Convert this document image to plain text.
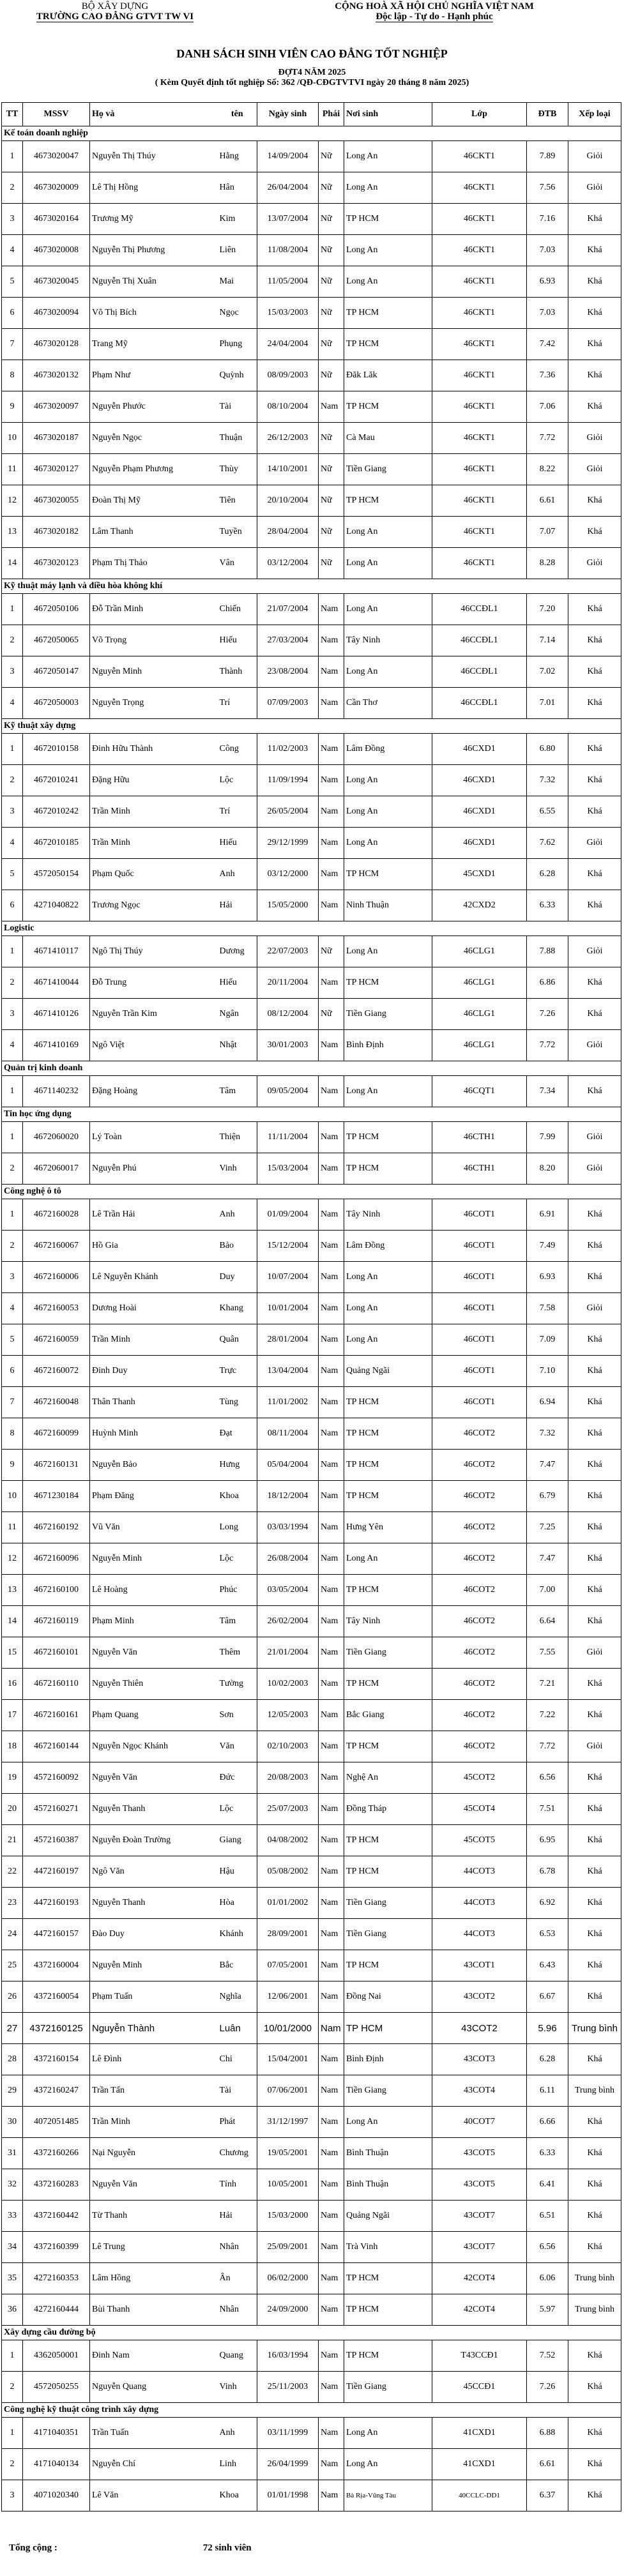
BỘ XÂY DỰNG
TRƯỜNG CAO ĐẲNG GTVT TW VI
CỘNG HOÀ XÃ HỘI CHỦ NGHĨA VIỆT NAM
Độc lập - Tự do - Hạnh phúc
DANH SÁCH SINH VIÊN CAO ĐẲNG TỐT NGHIỆP
ĐỢT4 NĂM 2025
( Kèm Quyết định tốt nghiệp Số: 362 /QĐ-CĐGTVTVI ngày 20 tháng 8 năm 2025)
TT	MSSV	Họ và	tên	Ngày sinh	Phái	Nơi sinh	Lớp	ĐTB	Xếp loại
Kế toán doanh nghiệp									
1	4673020047	Nguyễn Thị Thúy	Hằng	14/09/2004	Nữ	Long An	46CKT1	7.89	Giỏi
2	4673020009	Lê Thị Hồng	Hân	26/04/2004	Nữ	Long An	46CKT1	7.56	Giỏi
3	4673020164	Trương Mỹ	Kim	13/07/2004	Nữ	TP HCM	46CKT1	7.16	Khá
4	4673020008	Nguyễn Thị Phương	Liên	11/08/2004	Nữ	Long An	46CKT1	7.03	Khá
5	4673020045	Nguyễn Thị Xuân	Mai	11/05/2004	Nữ	Long An	46CKT1	6.93	Khá
6	4673020094	Võ Thị Bích	Ngọc	15/03/2003	Nữ	TP HCM	46CKT1	7.03	Khá
7	4673020128	Trang Mỹ	Phụng	24/04/2004	Nữ	TP HCM	46CKT1	7.42	Khá
8	4673020132	Phạm Như	Quỳnh	08/09/2003	Nữ	Đăk Lăk	46CKT1	7.36	Khá
9	4673020097	Nguyễn Phước	Tài	08/10/2004	Nam	TP HCM	46CKT1	7.06	Khá
10	4673020187	Nguyễn Ngọc	Thuận	26/12/2003	Nữ	Cà Mau	46CKT1	7.72	Giỏi
11	4673020127	Nguyễn Phạm Phương	Thùy	14/10/2001	Nữ	Tiền Giang	46CKT1	8.22	Giỏi
12	4673020055	Đoàn Thị Mỹ	Tiên	20/10/2004	Nữ	TP HCM	46CKT1	6.61	Khá
13	4673020182	Lâm Thanh	Tuyền	28/04/2004	Nữ	Long An	46CKT1	7.07	Khá
14	4673020123	Phạm Thị Thảo	Vân	03/12/2004	Nữ	Long An	46CKT1	8.28	Giỏi
Kỹ thuật máy lạnh và điều hòa không khí									
1	4672050106	Đỗ Trần Minh	Chiến	21/07/2004	Nam	Long An	46CCĐL1	7.20	Khá
2	4672050065	Võ Trọng	Hiếu	27/03/2004	Nam	Tây Ninh	46CCĐL1	7.14	Khá
3	4672050147	Nguyễn Minh	Thành	23/08/2004	Nam	Long An	46CCĐL1	7.02	Khá
4	4672050003	Nguyễn Trọng	Trí	07/09/2003	Nam	Cần Thơ	46CCĐL1	7.01	Khá
Kỹ thuật xây dựng									
1	4672010158	Đinh Hữu Thành	Công	11/02/2003	Nam	Lâm Đồng	46CXD1	6.80	Khá
2	4672010241	Đặng Hữu	Lộc	11/09/1994	Nam	Long An	46CXD1	7.32	Khá
3	4672010242	Trần Minh	Trí	26/05/2004	Nam	Long An	46CXD1	6.55	Khá
4	4672010185	Trần Minh	Hiếu	29/12/1999	Nam	Long An	46CXD1	7.62	Giỏi
5	4572050154	Phạm Quốc	Anh	03/12/2000	Nam	TP HCM	45CXD1	6.28	Khá
6	4271040822	Trương Ngọc	Hải	15/05/2000	Nam	Ninh Thuận	42CXD2	6.33	Khá
Logistic									
1	4671410117	Ngô Thị Thúy	Dương	22/07/2003	Nữ	Long An	46CLG1	7.88	Giỏi
2	4671410044	Đỗ Trung	Hiếu	20/11/2004	Nam	TP HCM	46CLG1	6.86	Khá
3	4671410126	Nguyễn Trần Kim	Ngân	08/12/2004	Nữ	Tiền Giang	46CLG1	7.26	Khá
4	4671410169	Ngô Việt	Nhật	30/01/2003	Nam	Bình Định	46CLG1	7.72	Giỏi
Quản trị kinh doanh									
1	4671140232	Đặng Hoàng	Tâm	09/05/2004	Nam	Long An	46CQT1	7.34	Khá
Tin học ứng dụng									
1	4672060020	Lý Toàn	Thiện	11/11/2004	Nam	TP HCM	46CTH1	7.99	Giỏi
2	4672060017	Nguyễn Phú	Vinh	15/03/2004	Nam	TP HCM	46CTH1	8.20	Giỏi
Công nghệ ô tô									
1	4672160028	Lê Trần Hải	Anh	01/09/2004	Nam	Tây Ninh	46COT1	6.91	Khá
2	4672160067	Hồ Gia	Bảo	15/12/2004	Nam	Lâm Đồng	46COT1	7.49	Khá
3	4672160006	Lê Nguyễn Khánh	Duy	10/07/2004	Nam	Long An	46COT1	6.93	Khá
4	4672160053	Dương Hoài	Khang	10/01/2004	Nam	Long An	46COT1	7.58	Giỏi
5	4672160059	Trần Minh	Quân	28/01/2004	Nam	Long An	46COT1	7.09	Khá
6	4672160072	Đinh Duy	Trực	13/04/2004	Nam	Quảng Ngãi	46COT1	7.10	Khá
7	4672160048	Thân Thanh	Tùng	11/01/2002	Nam	TP HCM	46COT1	6.94	Khá
8	4672160099	Huỳnh Minh	Đạt	08/11/2004	Nam	TP HCM	46COT2	7.32	Khá
9	4672160131	Nguyễn Bảo	Hưng	05/04/2004	Nam	TP HCM	46COT2	7.47	Khá
10	4671230184	Phạm Đăng	Khoa	18/12/2004	Nam	TP HCM	46COT2	6.79	Khá
11	4672160192	Vũ Văn	Long	03/03/1994	Nam	Hưng Yên	46COT2	7.25	Khá
12	4672160096	Nguyễn Minh	Lộc	26/08/2004	Nam	Long An	46COT2	7.47	Khá
13	4672160100	Lê Hoàng	Phúc	03/05/2004	Nam	TP HCM	46COT2	7.00	Khá
14	4672160119	Phạm Minh	Tâm	26/02/2004	Nam	Tây Ninh	46COT2	6.64	Khá
15	4672160101	Nguyễn Văn	Thêm	21/01/2004	Nam	Tiền Giang	46COT2	7.55	Giỏi
16	4672160110	Nguyễn Thiên	Tường	10/02/2003	Nam	TP HCM	46COT2	7.21	Khá
17	4672160161	Phạm Quang	Sơn	12/05/2003	Nam	Bắc Giang	46COT2	7.22	Khá
18	4672160144	Nguyễn Ngọc Khánh	Văn	02/10/2003	Nam	TP HCM	46COT2	7.72	Giỏi
19	4572160092	Nguyễn Văn	Đức	20/08/2003	Nam	Nghệ An	45COT2	6.56	Khá
20	4572160271	Nguyễn Thanh	Lộc	25/07/2003	Nam	Đồng Tháp	45COT4	7.51	Khá
21	4572160387	Nguyễn Đoàn Trường	Giang	04/08/2002	Nam	TP HCM	45COT5	6.95	Khá
22	4472160197	Ngô Văn	Hậu	05/08/2002	Nam	TP HCM	44COT3	6.78	Khá
23	4472160193	Nguyễn Thanh	Hòa	01/01/2002	Nam	Tiền Giang	44COT3	6.92	Khá
24	4472160157	Đào Duy	Khánh	28/09/2001	Nam	Tiền Giang	44COT3	6.53	Khá
25	4372160004	Nguyễn Minh	Bắc	07/05/2001	Nam	TP HCM	43COT1	6.43	Khá
26	4372160054	Phạm Tuấn	Nghĩa	12/06/2001	Nam	Đồng Nai	43COT2	6.67	Khá
27	4372160125	Nguyễn Thành	Luân	10/01/2000	Nam	TP HCM	43COT2	5.96	Trung bình
28	4372160154	Lê Đình	Chi	15/04/2001	Nam	Bình Định	43COT3	6.28	Khá
29	4372160247	Trần Tấn	Tài	07/06/2001	Nam	Tiền Giang	43COT4	6.11	Trung bình
30	4072051485	Trần Minh	Phát	31/12/1997	Nam	Long An	40COT7	6.66	Khá
31	4372160266	Nại Nguyễn	Chương	19/05/2001	Nam	Bình Thuận	43COT5	6.33	Khá
32	4372160283	Nguyễn Văn	Tính	10/05/2001	Nam	Bình Thuận	43COT5	6.41	Khá
33	4372160442	Từ Thanh	Hải	15/03/2000	Nam	Quảng Ngãi	43COT7	6.51	Khá
34	4372160399	Lê Trung	Nhân	25/09/2001	Nam	Trà Vinh	43COT7	6.56	Khá
35	4272160353	Lâm Hồng	Ân	06/02/2000	Nam	TP HCM	42COT4	6.06	Trung bình
36	4272160444	Bùi Thanh	Nhân	24/09/2000	Nam	TP HCM	42COT4	5.97	Trung bình
Xây dựng cầu đường bộ									
1	4362050001	Đinh Nam	Quang	16/03/1994	Nam	TP HCM	T43CCĐ1	7.52	Khá
2	4572050255	Nguyễn Quang	Vinh	25/11/2003	Nam	Tiền Giang	45CCĐ1	7.26	Khá
Công nghệ kỹ thuật công trình xây dựng									
1	4171040351	Trần Tuấn	Anh	03/11/1999	Nam	Long An	41CXD1	6.88	Khá
2	4171040134	Nguyễn Chí	Linh	26/04/1999	Nam	Long An	41CXD1	6.61	Khá
3	4071020340	Lê Văn	Khoa	01/01/1998	Nam	Bà Rịa-Vũng Tàu	40CCLC-DD1	6.37	Khá
Tổng cộng :	72 sinh viên
